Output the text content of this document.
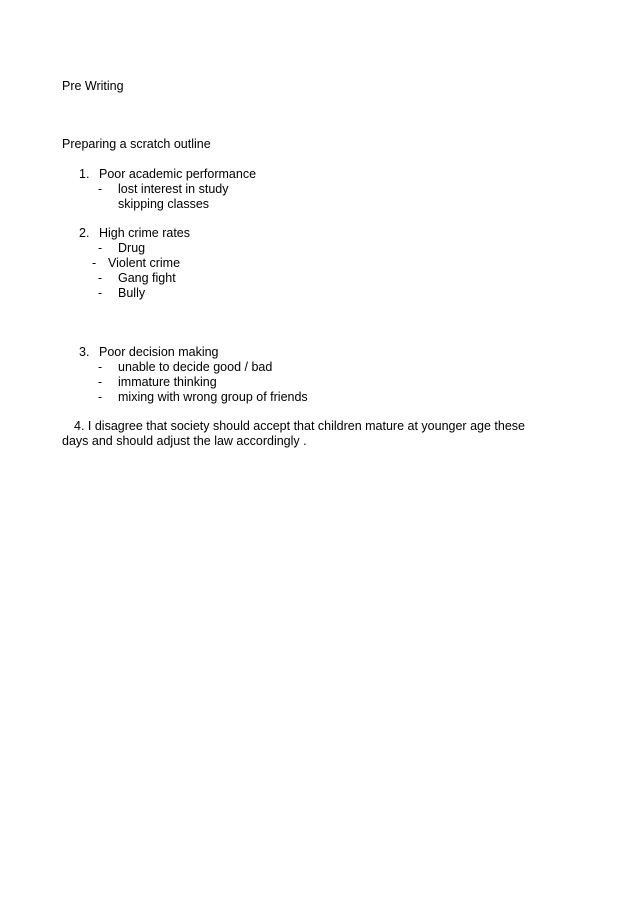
Pre Writing
Preparing a scratch outline
1. Poor academic performance
- lost interest in study
skipping classes
2. High crime rates
- Drug
- Violent crime
- Gang fight
- Bully
3. Poor decision making
- unable to decide good / bad
- immature thinking
- mixing with wrong group of friends
4. I disagree that society should accept that children mature at younger age these
days and should adjust the law accordingly .
